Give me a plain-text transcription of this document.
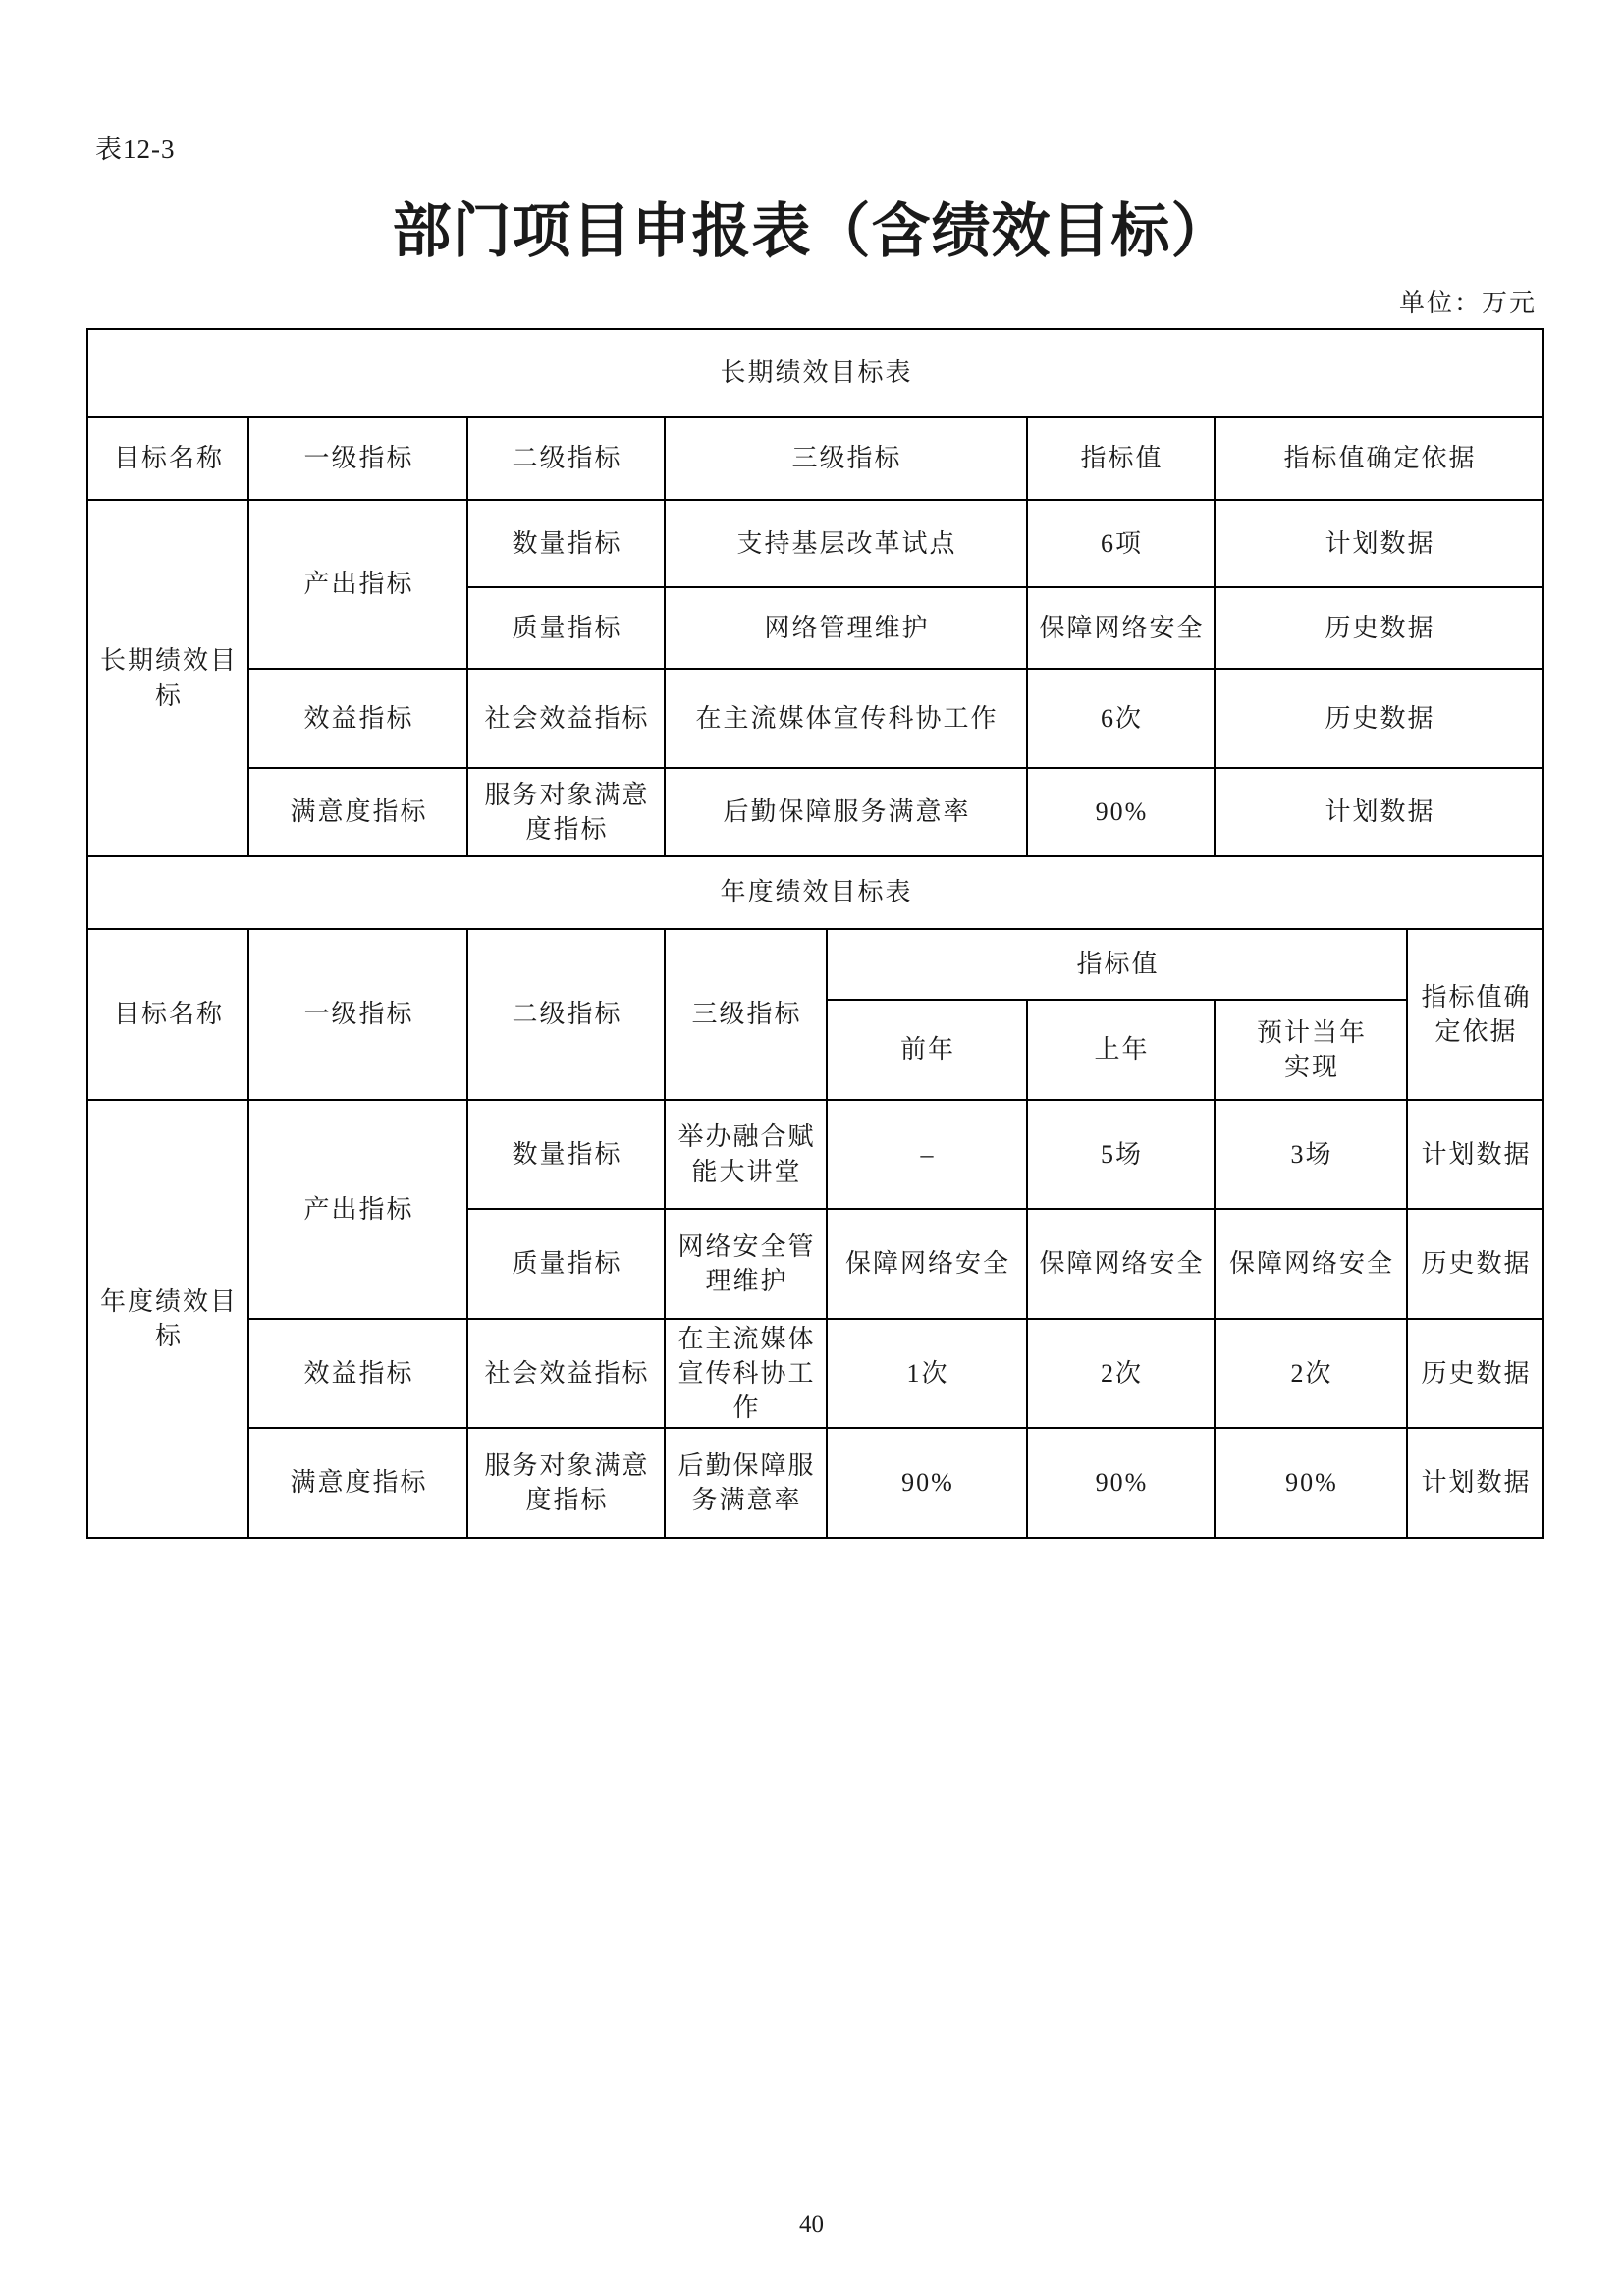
表12-3
部门项目申报表（含绩效目标）
单位：万元
长期绩效目标表							
目标名称	一级指标	二级指标	三级指标		指标值	指标值确定依据	
长期绩效目标	产出指标	数量指标	支持基层改革试点		6项	计划数据	
		质量指标	网络管理维护		保障网络安全	历史数据	
	效益指标	社会效益指标	在主流媒体宣传科协工作		6次	历史数据	
	满意度指标	服务对象满意度指标	后勤保障服务满意率		90%	计划数据	
年度绩效目标表							
目标名称	一级指标	二级指标	三级指标	指标值			指标值确定依据
				前年	上年	预计当年实现	
年度绩效目标	产出指标	数量指标	举办融合赋能大讲堂	–	5场	3场	计划数据
		质量指标	网络安全管理维护	保障网络安全	保障网络安全	保障网络安全	历史数据
	效益指标	社会效益指标	在主流媒体宣传科协工作	1次	2次	2次	历史数据
	满意度指标	服务对象满意度指标	后勤保障服务满意率	90%	90%	90%	计划数据
40
